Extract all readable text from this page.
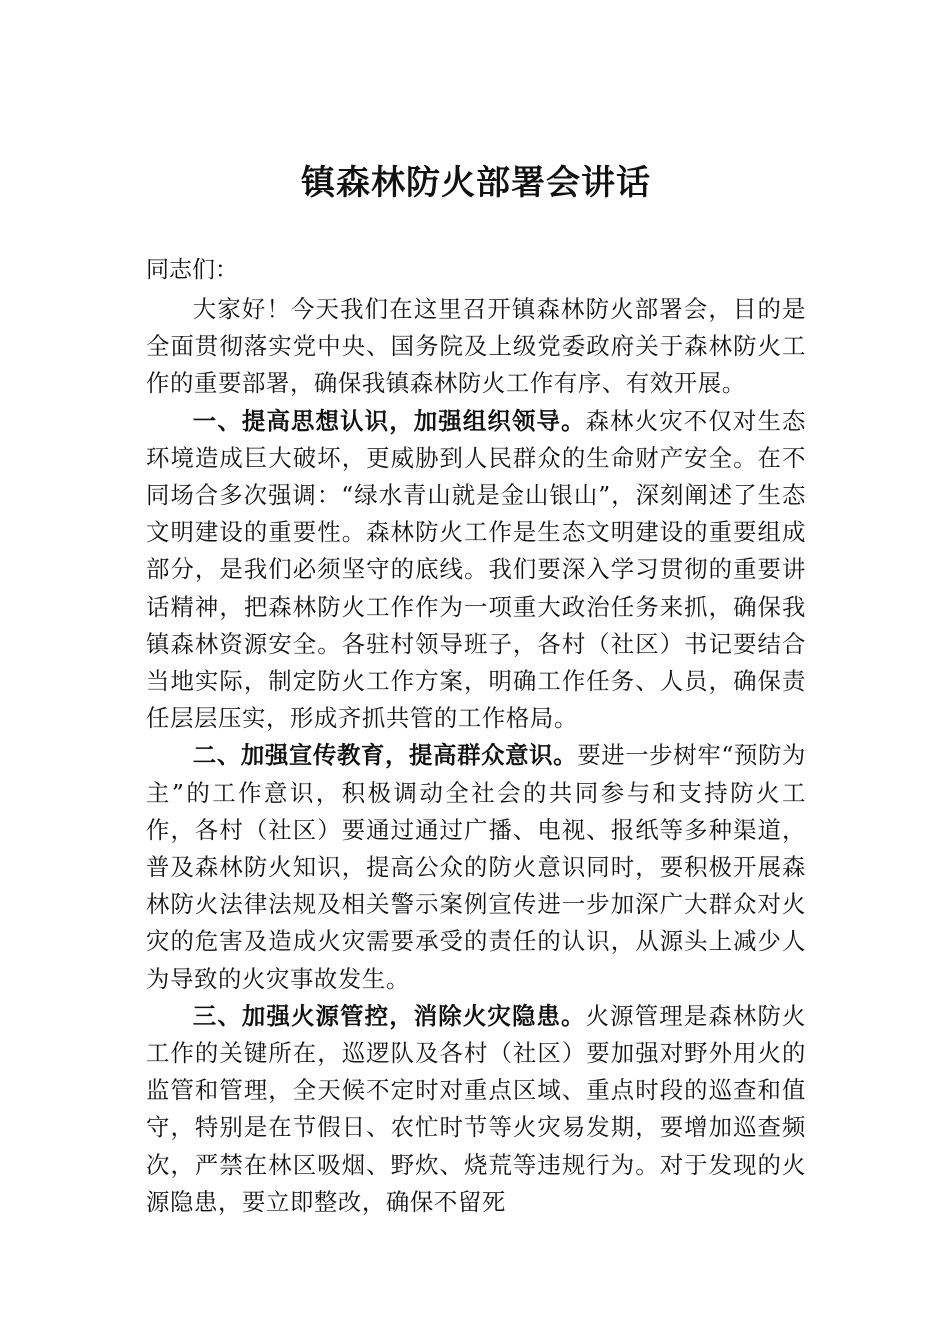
镇森林防火部署会讲话

同志们：

大家好！今天我们在这里召开镇森林防火部署会，目的是全面贯彻落实党中央、国务院及上级党委政府关于森林防火工作的重要部署，确保我镇森林防火工作有序、有效开展。

一、提高思想认识，加强组织领导。森林火灾不仅对生态环境造成巨大破坏，更威胁到人民群众的生命财产安全。在不同场合多次强调：“绿水青山就是金山银山”，深刻阐述了生态文明建设的重要性。森林防火工作是生态文明建设的重要组成部分，是我们必须坚守的底线。我们要深入学习贯彻的重要讲话精神，把森林防火工作作为一项重大政治任务来抓，确保我镇森林资源安全。各驻村领导班子，各村（社区）书记要结合当地实际，制定防火工作方案，明确工作任务、人员，确保责任层层压实，形成齐抓共管的工作格局。

二、加强宣传教育，提高群众意识。要进一步树牢“预防为主”的工作意识，积极调动全社会的共同参与和支持防火工作，各村（社区）要通过通过广播、电视、报纸等多种渠道，普及森林防火知识，提高公众的防火意识同时，要积极开展森林防火法律法规及相关警示案例宣传进一步加深广大群众对火灾的危害及造成火灾需要承受的责任的认识，从源头上减少人为导致的火灾事故发生。

三、加强火源管控，消除火灾隐患。火源管理是森林防火工作的关键所在，巡逻队及各村（社区）要加强对野外用火的监管和管理，全天候不定时对重点区域、重点时段的巡查和值守，特别是在节假日、农忙时节等火灾易发期，要增加巡查频次，严禁在林区吸烟、野炊、烧荒等违规行为。对于发现的火源隐患，要立即整改，确保不留死
